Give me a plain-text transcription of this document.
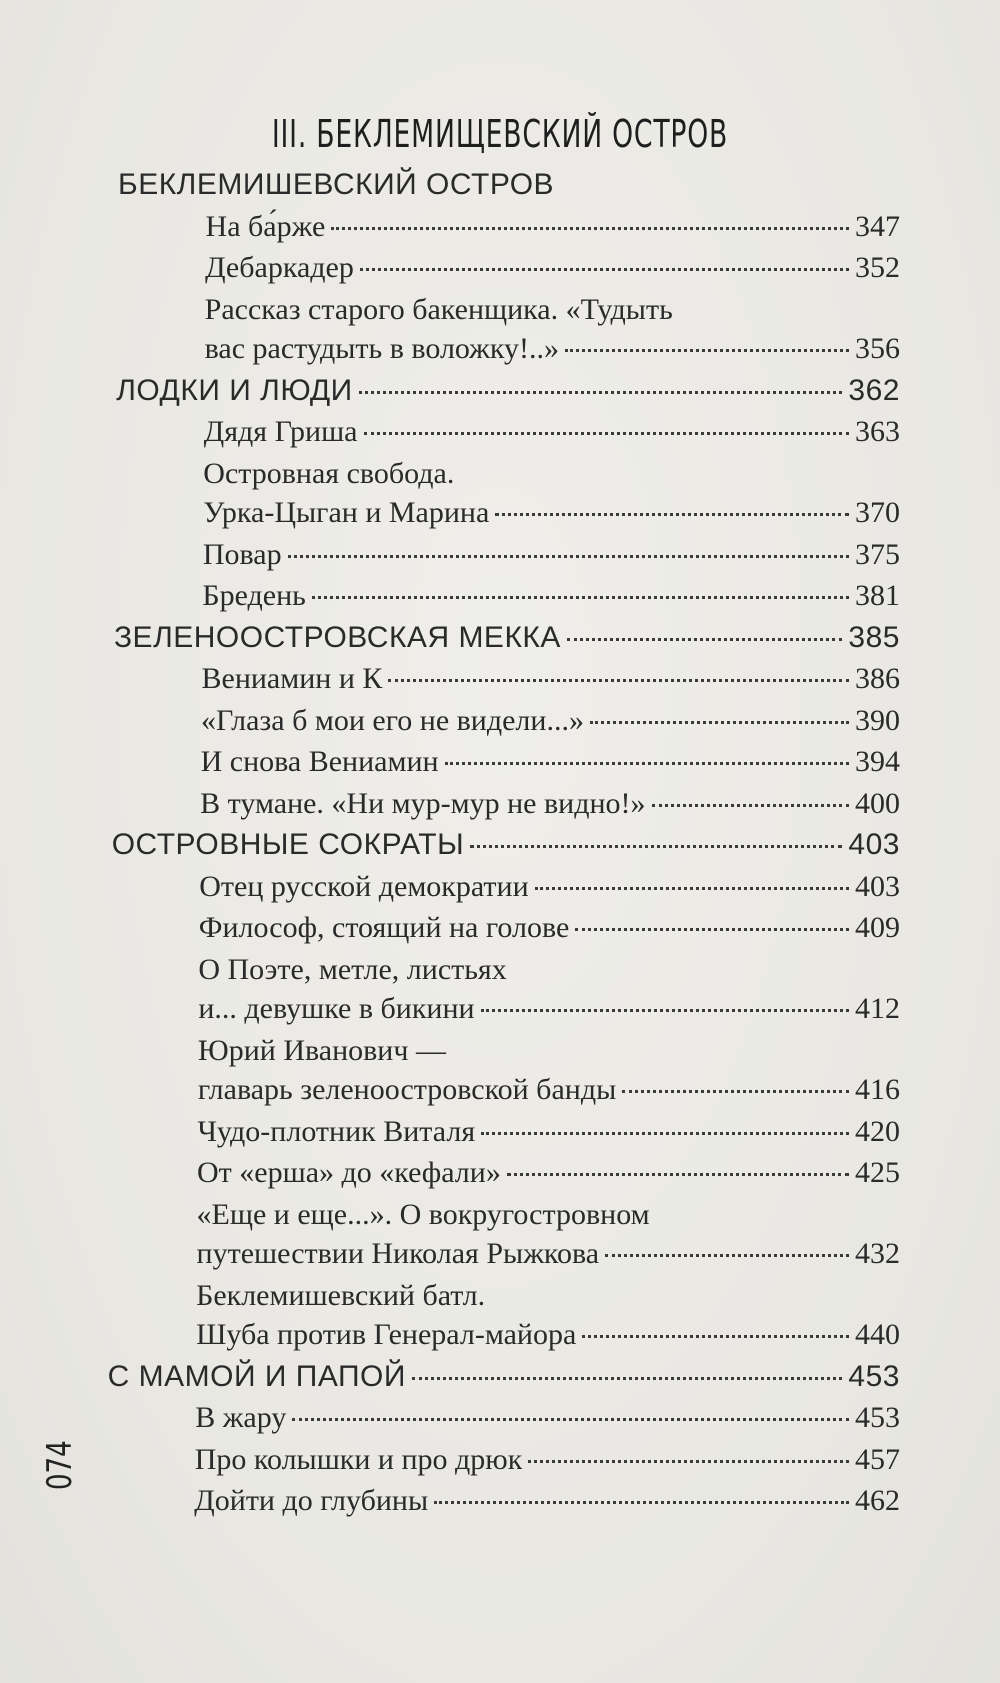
III. БЕКЛЕМИЩЕВСКИЙ ОСТРОВ
БЕКЛЕМИШЕВСКИЙ ОСТРОВ
На ба́рже	347
Дебаркадер	352
Рассказ старого бакенщика. «Тудыть
вас растудыть в воложку!..»	356
ЛОДКИ И ЛЮДИ	362
Дядя Гриша	363
Островная свобода.
Урка-Цыган и Марина	370
Повар	375
Бредень	381
ЗЕЛЕНООСТРОВСКАЯ МЕККА	385
Вениамин и К	386
«Глаза б мои его не видели...»	390
И снова Вениамин	394
В тумане. «Ни мур-мур не видно!»	400
ОСТРОВНЫЕ СОКРАТЫ	403
Отец русской демократии	403
Философ, стоящий на голове	409
О Поэте, метле, листьях
и... девушке в бикини	412
Юрий Иванович —
главарь зеленоостровской банды	416
Чудо-плотник Виталя	420
От «ерша» до «кефали»	425
«Еще и еще...». О вокругостровном
путешествии Николая Рыжкова	432
Беклемишевский батл.
Шуба против Генерал-майора	440
С МАМОЙ И ПАПОЙ	453
В жару	453
Про колышки и про дрюк	457
Дойти до глубины	462
074
